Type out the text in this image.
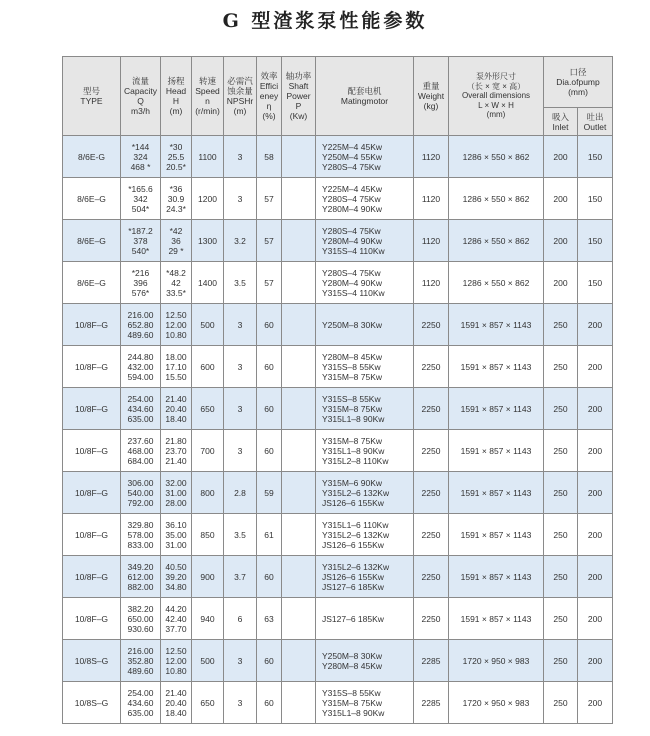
G 型渣浆泵性能参数
型号
TYPE	流量
Capacity
Q
m3/h	扬程
Head
H
(m)	转速
Speed
n
(r/min)	必需汽
蚀余量
NPSHr
(m)	效率
Effici
eney
η
(%)	轴功率
Shaft
Power
P
(Kw)	配套电机
Matingmotor	重量
Weight
(kg)	泵外形尺寸
（长 × 宽 × 高）
Overall dimensions
L × W × H
(mm)	口径
Dia.ofpump
(mm)	

										吸入
Inlet	吐出
Outlet

8/6E-G	*144
324
468 *	*30
25.5
20.5*	1100	3	58		Y225M–4 45Kw
Y250M–4 55Kw
Y280S–4 75Kw	1120	1286 × 550 × 862	200	150

8/6E–G	*165.6
342
504*	*36
30.9
24.3*	1200	3	57		Y225M–4 45Kw
Y280S–4 75Kw
Y280M–4 90Kw	1120	1286 × 550 × 862	200	150

8/6E–G	*187.2
378
540*	*42
36
29 *	1300	3.2	57		Y280S–4 75Kw
Y280M–4 90Kw
Y315S–4 110Kw	1120	1286 × 550 × 862	200	150

8/6E–G	*216
396
576*	*48.2
42
33.5*	1400	3.5	57		Y280S–4 75Kw
Y280M–4 90Kw
Y315S–4 110Kw	1120	1286 × 550 × 862	200	150

10/8F–G	216.00
652.80
489.60	12.50
12.00
10.80	500	3	60		Y250M–8 30Kw	2250	1591 × 857 × 1143	250	200

10/8F–G	244.80
432.00
594.00	18.00
17.10
15.50	600	3	60		Y280M–8 45Kw
Y315S–8 55Kw
Y315M–8 75Kw	2250	1591 × 857 × 1143	250	200

10/8F–G	254.00
434.60
635.00	21.40
20.40
18.40	650	3	60		Y315S–8 55Kw
Y315M–8 75Kw
Y315L1–8 90Kw	2250	1591 × 857 × 1143	250	200

10/8F–G	237.60
468.00
684.00	21.80
23.70
21.40	700	3	60		Y315M–8 75Kw
Y315L1–8 90Kw
Y315L2–8 110Kw	2250	1591 × 857 × 1143	250	200

10/8F–G	306.00
540.00
792.00	32.00
31.00
28.00	800	2.8	59		Y315M–6 90Kw
Y315L2–6 132Kw
JS126–6 155Kw	2250	1591 × 857 × 1143	250	200

10/8F–G	329.80
578.00
833.00	36.10
35.00
31.00	850	3.5	61		Y315L1–6 110Kw
Y315L2–6 132Kw
JS126–6 155Kw	2250	1591 × 857 × 1143	250	200

10/8F–G	349.20
612.00
882.00	40.50
39.20
34.80	900	3.7	60		Y315L2–6 132Kw
JS126–6 155Kw
JS127–6 185Kw	2250	1591 × 857 × 1143	250	200

10/8F–G	382.20
650.00
930.60	44.20
42.40
37.70	940	6	63		JS127–6 185Kw	2250	1591 × 857 × 1143	250	200

10/8S–G	216.00
352.80
489.60	12.50
12.00
10.80	500	3	60		Y250M–8 30Kw
Y280M–8 45Kw	2285	1720 × 950 × 983	250	200

10/8S–G	254.00
434.60
635.00	21.40
20.40
18.40	650	3	60		Y315S–8 55Kw
Y315M–8 75Kw
Y315L1–8 90Kw	2285	1720 × 950 × 983	250	200
